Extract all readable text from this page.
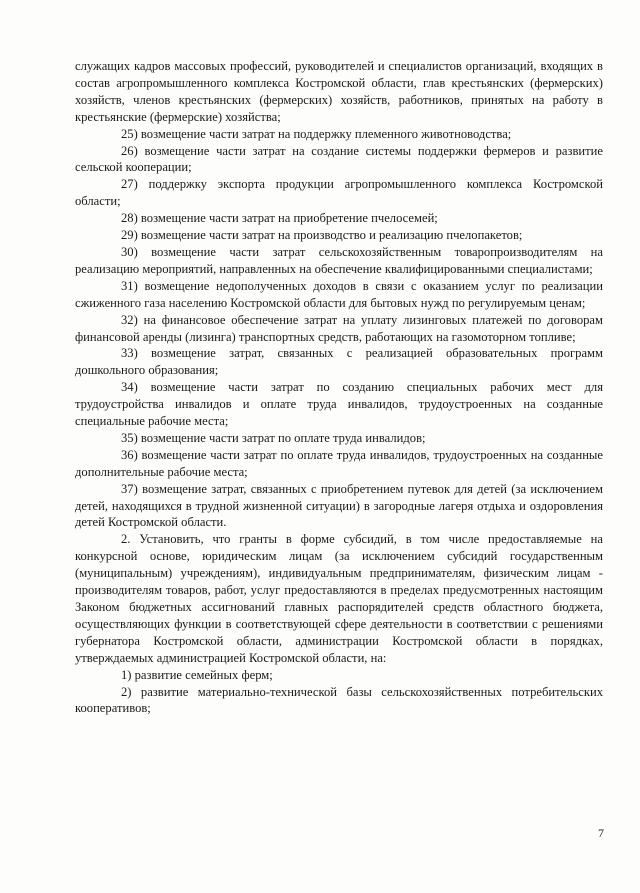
служащих кадров массовых профессий, руководителей и специалистов организаций, входящих в состав агропромышленного комплекса Костромской области, глав крестьянских (фермерских) хозяйств, членов крестьянских (фермерских) хозяйств, работников, принятых на работу в крестьянские (фермерские) хозяйства;

25) возмещение части затрат на поддержку племенного животноводства;

26) возмещение части затрат на создание системы поддержки фермеров и развитие сельской кооперации;

27) поддержку экспорта продукции агропромышленного комплекса Костромской области;

28) возмещение части затрат на приобретение пчелосемей;

29) возмещение части затрат на производство и реализацию пчелопакетов;

30) возмещение части затрат сельскохозяйственным товаропроизводителям на реализацию мероприятий, направленных на обеспечение квалифицированными специалистами;

31) возмещение недополученных доходов в связи с оказанием услуг по реализации сжиженного газа населению Костромской области для бытовых нужд по регулируемым ценам;

32) на финансовое обеспечение затрат на уплату лизинговых платежей по договорам финансовой аренды (лизинга) транспортных средств, работающих на газомоторном топливе;

33) возмещение затрат, связанных с реализацией образовательных программ дошкольного образования;

34) возмещение части затрат по созданию специальных рабочих мест для трудоустройства инвалидов и оплате труда инвалидов, трудоустроенных на созданные специальные рабочие места;

35) возмещение части затрат по оплате труда инвалидов;

36) возмещение части затрат по оплате труда инвалидов, трудоустроенных на созданные дополнительные рабочие места;

37) возмещение затрат, связанных с приобретением путевок для детей (за исключением детей, находящихся в трудной жизненной ситуации) в загородные лагеря отдыха и оздоровления детей Костромской области.

2. Установить, что гранты в форме субсидий, в том числе предоставляемые на конкурсной основе, юридическим лицам (за исключением субсидий государственным (муниципальным) учреждениям), индивидуальным предпринимателям, физическим лицам - производителям товаров, работ, услуг предоставляются в пределах предусмотренных настоящим Законом бюджетных ассигнований главных распорядителей средств областного бюджета, осуществляющих функции в соответствующей сфере деятельности в соответствии с решениями губернатора Костромской области, администрации Костромской области в порядках, утверждаемых администрацией Костромской области, на:

1) развитие семейных ферм;

2) развитие материально-технической базы сельскохозяйственных потребительских кооперативов;

7
